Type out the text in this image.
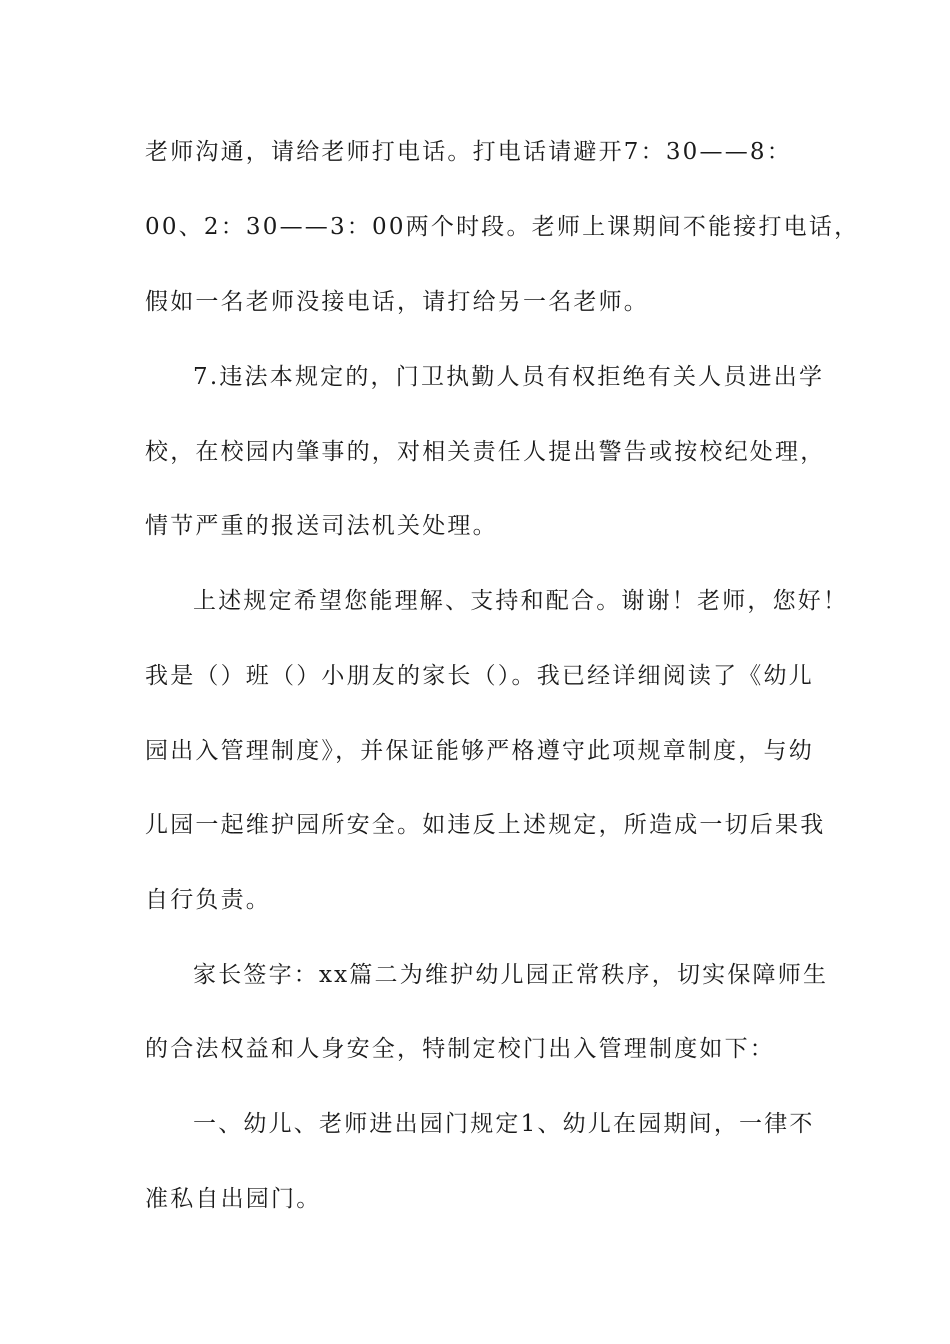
老师沟通，请给老师打电话。打电话请避开7：30——8：
00、2：30——3：00两个时段。老师上课期间不能接打电话，
假如一名老师没接电话，请打给另一名老师。
7.违法本规定的，门卫执勤人员有权拒绝有关人员进出学
校，在校园内肇事的，对相关责任人提出警告或按校纪处理，
情节严重的报送司法机关处理。
上述规定希望您能理解、支持和配合。谢谢！老师，您好！
我是（）班（）小朋友的家长（）。我已经详细阅读了《幼儿
园出入管理制度》，并保证能够严格遵守此项规章制度，与幼
儿园一起维护园所安全。如违反上述规定，所造成一切后果我
自行负责。
家长签字：xx篇二为维护幼儿园正常秩序，切实保障师生
的合法权益和人身安全，特制定校门出入管理制度如下：
一、幼儿、老师进出园门规定1、幼儿在园期间，一律不
准私自出园门。
